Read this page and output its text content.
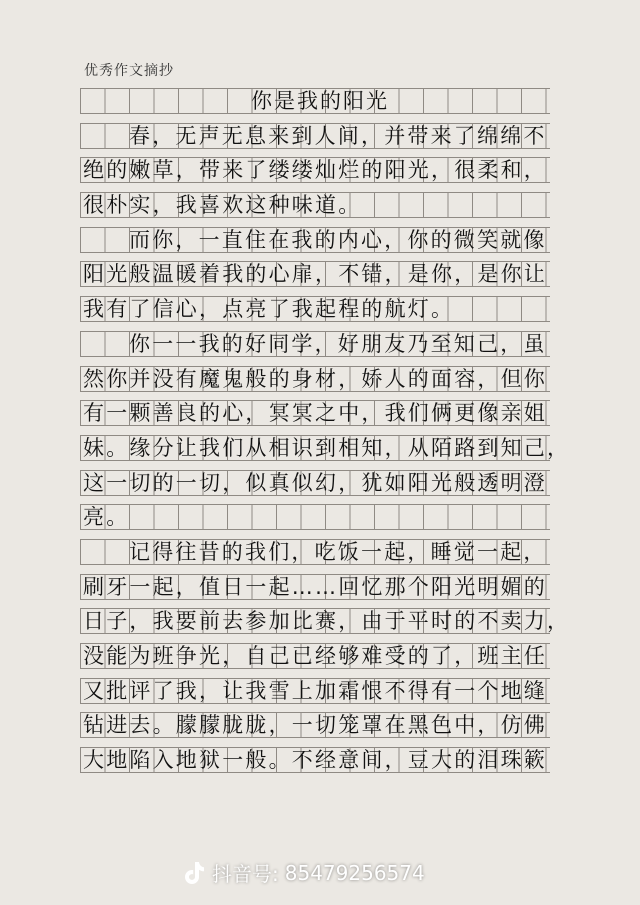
优秀作文摘抄
你是我的阳光
春，无声无息来到人间，并带来了绵绵不
绝的嫩草，带来了缕缕灿烂的阳光，很柔和，
很朴实，我喜欢这种味道。
而你，一直住在我的内心，你的微笑就像
阳光般温暖着我的心扉，不错，是你，是你让
我有了信心，点亮了我起程的航灯。
你一一我的好同学，好朋友乃至知己，虽
然你并没有魔鬼般的身材，娇人的面容，但你
有一颗善良的心，冥冥之中，我们俩更像亲姐
妹。缘分让我们从相识到相知，从陌路到知己，
这一切的一切，似真似幻，犹如阳光般透明澄
亮。
记得往昔的我们，吃饭一起，睡觉一起，
刷牙一起，值日一起……回忆那个阳光明媚的
日子，我要前去参加比赛，由于平时的不卖力，
没能为班争光，自己已经够难受的了，班主任
又批评了我，让我雪上加霜恨不得有一个地缝
钻进去。朦朦胧胧，一切笼罩在黑色中，仿佛
大地陷入地狱一般。不经意间，豆大的泪珠簌
抖音号: 85479256574
